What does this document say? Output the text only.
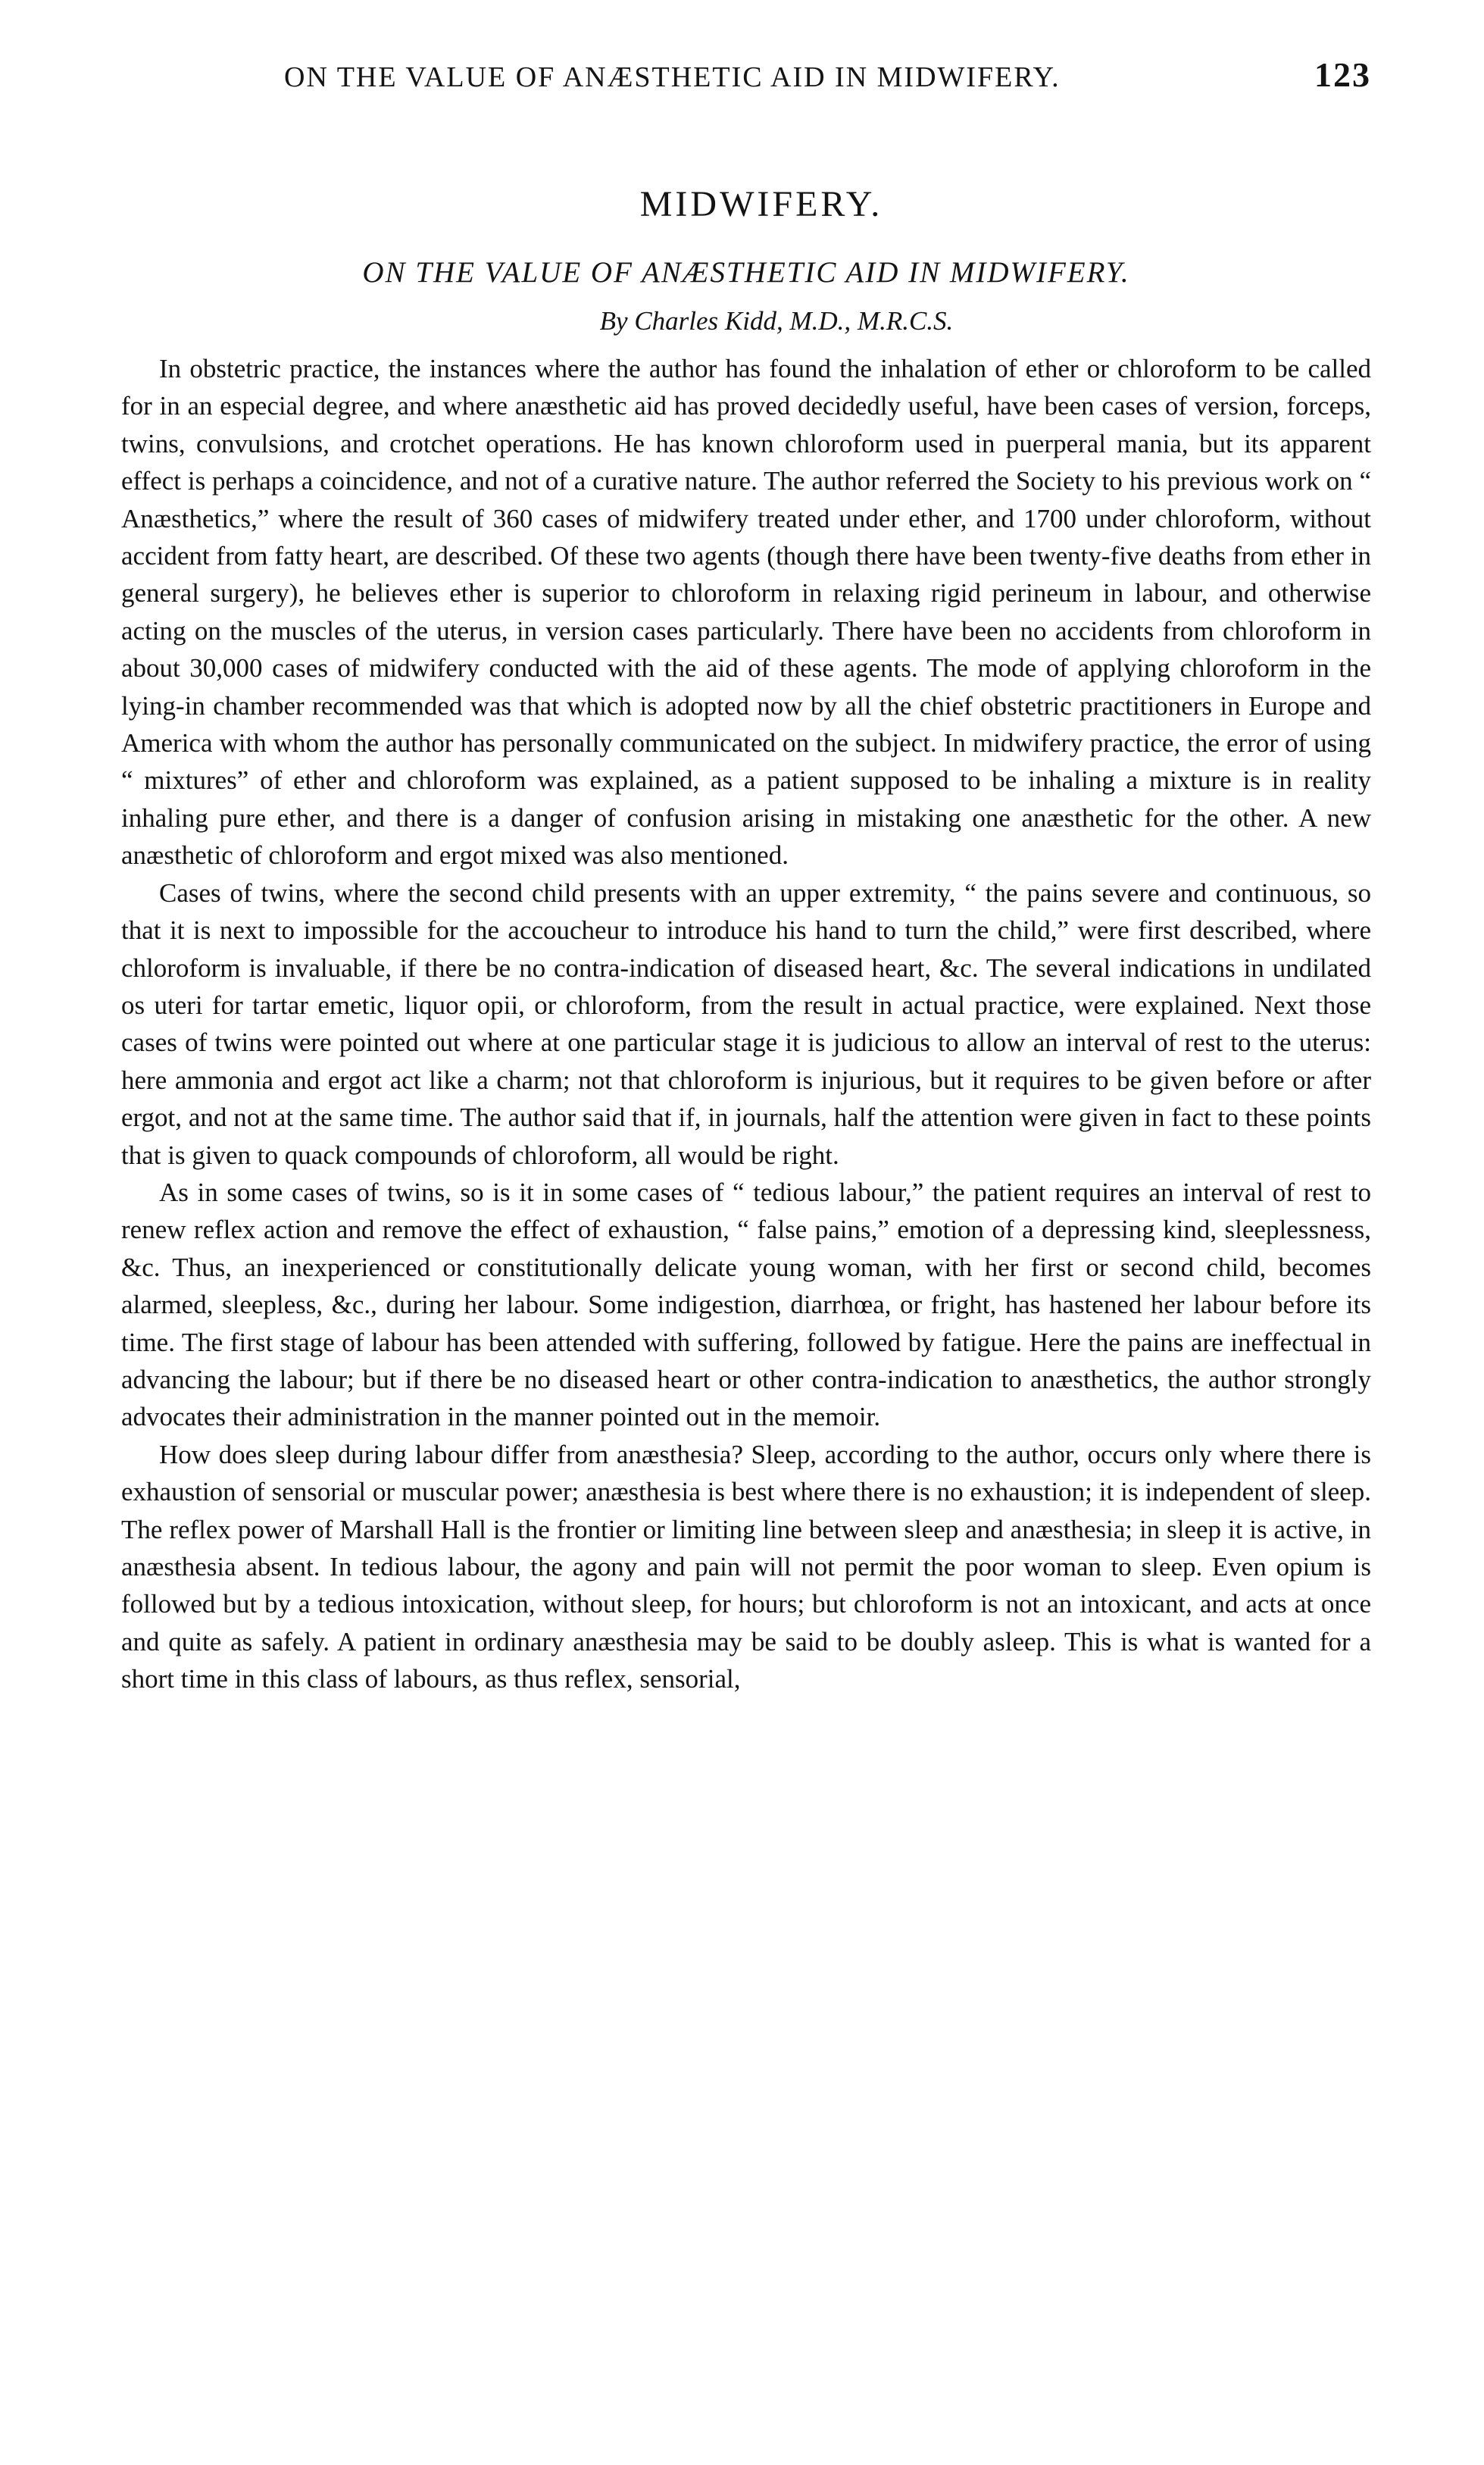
ON THE VALUE OF ANÆSTHETIC AID IN MIDWIFERY.	123
MIDWIFERY.
ON THE VALUE OF ANÆSTHETIC AID IN MIDWIFERY.
By Charles Kidd, M.D., M.R.C.S.

In obstetric practice, the instances where the author has found the inhalation of ether or chloroform to be called for in an especial degree, and where anæsthetic aid has proved decidedly useful, have been cases of version, forceps, twins, convulsions, and crotchet operations. He has known chloroform used in puerperal mania, but its apparent effect is perhaps a coincidence, and not of a curative nature. The author referred the Society to his previous work on “ Anæsthetics,” where the result of 360 cases of midwifery treated under ether, and 1700 under chloroform, without accident from fatty heart, are described. Of these two agents (though there have been twenty-five deaths from ether in general surgery), he believes ether is superior to chloroform in relaxing rigid perineum in labour, and otherwise acting on the muscles of the uterus, in version cases particularly. There have been no accidents from chloroform in about 30,000 cases of midwifery conducted with the aid of these agents. The mode of applying chloroform in the lying-in chamber recommended was that which is adopted now by all the chief obstetric practitioners in Europe and America with whom the author has personally communicated on the subject. In midwifery practice, the error of using “ mixtures” of ether and chloroform was explained, as a patient supposed to be inhaling a mixture is in reality inhaling pure ether, and there is a danger of confusion arising in mistaking one anæsthetic for the other. A new anæsthetic of chloroform and ergot mixed was also mentioned.

Cases of twins, where the second child presents with an upper extremity, “ the pains severe and continuous, so that it is next to impossible for the accoucheur to introduce his hand to turn the child,” were first described, where chloroform is invaluable, if there be no contra-indication of diseased heart, &c. The several indications in undilated os uteri for tartar emetic, liquor opii, or chloroform, from the result in actual practice, were explained. Next those cases of twins were pointed out where at one particular stage it is judicious to allow an interval of rest to the uterus: here ammonia and ergot act like a charm; not that chloroform is injurious, but it requires to be given before or after ergot, and not at the same time. The author said that if, in journals, half the attention were given in fact to these points that is given to quack compounds of chloroform, all would be right.

As in some cases of twins, so is it in some cases of “ tedious labour,” the patient requires an interval of rest to renew reflex action and remove the effect of exhaustion, “ false pains,” emotion of a depressing kind, sleeplessness, &c. Thus, an inexperienced or constitutionally delicate young woman, with her first or second child, becomes alarmed, sleepless, &c., during her labour. Some indigestion, diarrhœa, or fright, has hastened her labour before its time. The first stage of labour has been attended with suffering, followed by fatigue. Here the pains are ineffectual in advancing the labour; but if there be no diseased heart or other contra-indication to anæsthetics, the author strongly advocates their administration in the manner pointed out in the memoir.

How does sleep during labour differ from anæsthesia? Sleep, according to the author, occurs only where there is exhaustion of sensorial or muscular power; anæsthesia is best where there is no exhaustion; it is independent of sleep. The reflex power of Marshall Hall is the frontier or limiting line between sleep and anæsthesia; in sleep it is active, in anæsthesia absent. In tedious labour, the agony and pain will not permit the poor woman to sleep. Even opium is followed but by a tedious intoxication, without sleep, for hours; but chloroform is not an intoxicant, and acts at once and quite as safely. A patient in ordinary anæsthesia may be said to be doubly asleep. This is what is wanted for a short time in this class of labours, as thus reflex, sensorial,
